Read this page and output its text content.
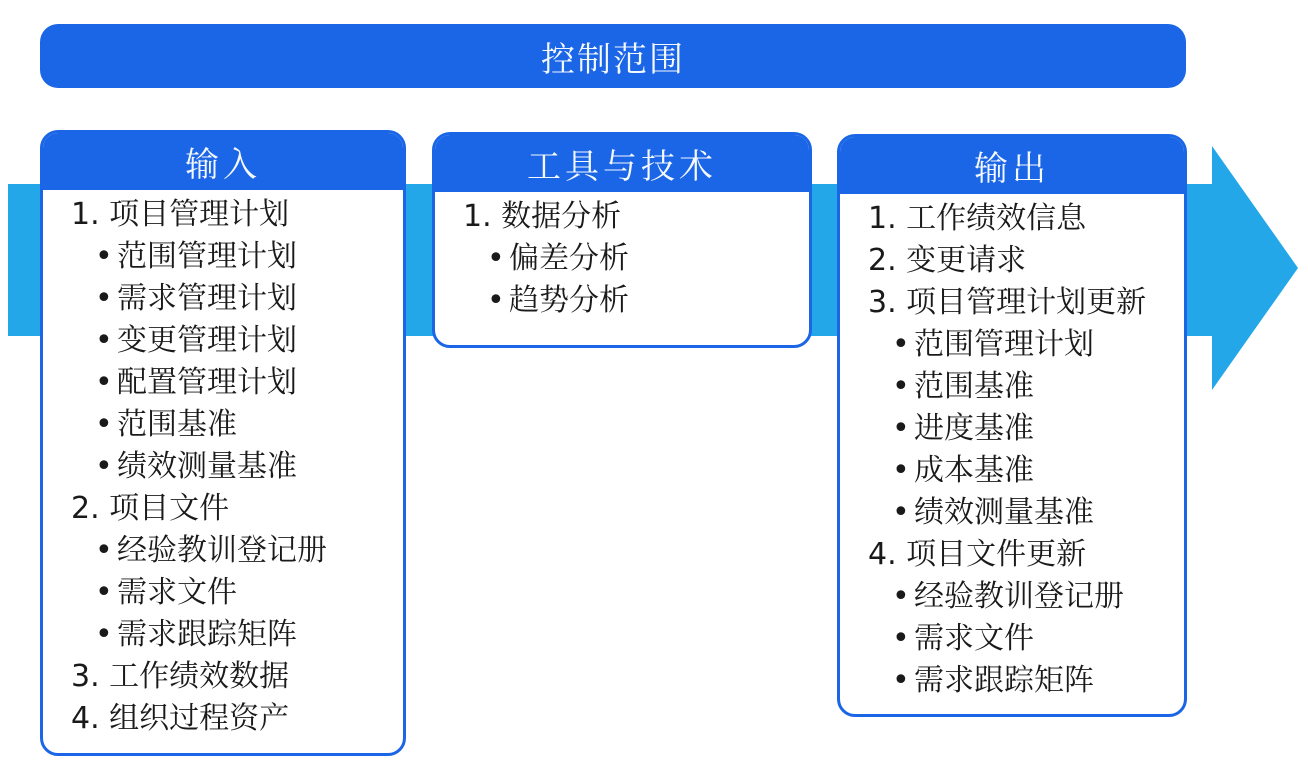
控制范围
输入
1. 项目管理计划
• 范围管理计划
• 需求管理计划
• 变更管理计划
• 配置管理计划
• 范围基准
• 绩效测量基准
2. 项目文件
• 经验教训登记册
• 需求文件
• 需求跟踪矩阵
3. 工作绩效数据
4. 组织过程资产
工具与技术
1. 数据分析
• 偏差分析
• 趋势分析
输出
1. 工作绩效信息
2. 变更请求
3. 项目管理计划更新
• 范围管理计划
• 范围基准
• 进度基准
• 成本基准
• 绩效测量基准
4. 项目文件更新
• 经验教训登记册
• 需求文件
• 需求跟踪矩阵
